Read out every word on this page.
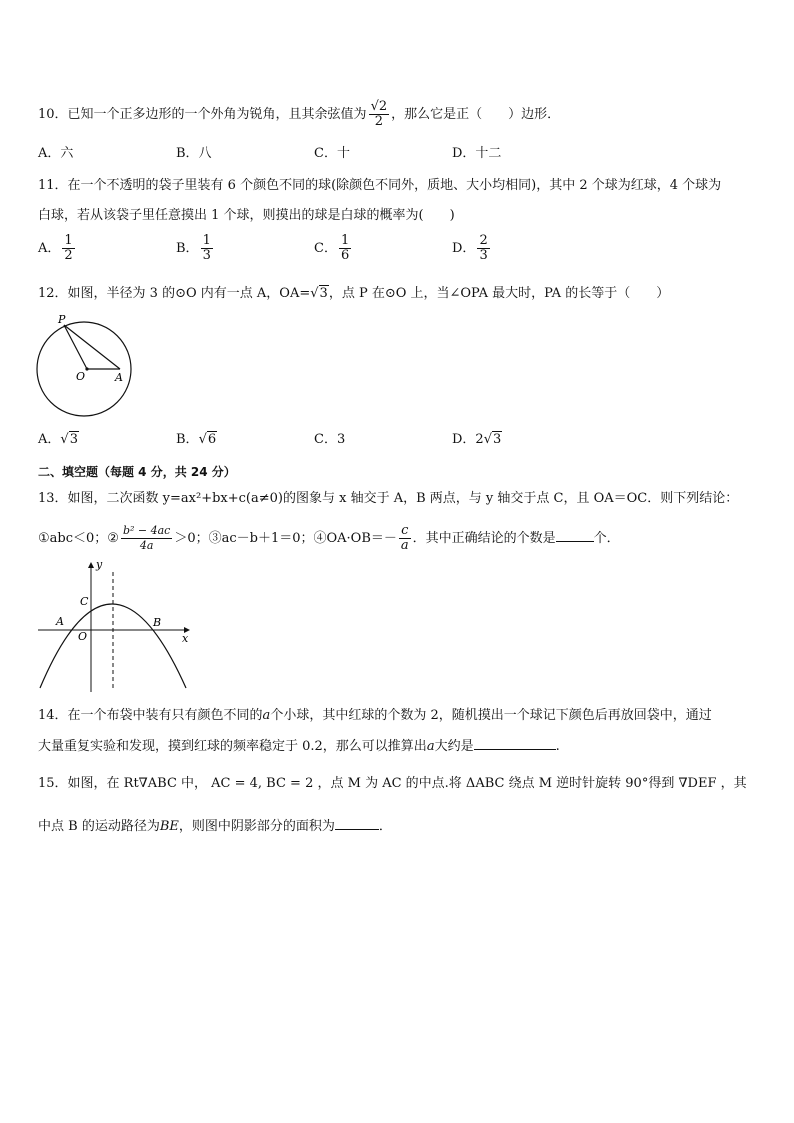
10．已知一个正多边形的一个外角为锐角，且其余弦值为 $\frac{√2}{2}$ ，那么它是正（　　）边形．
A．六	B．八	C．十	D．十二
11．在一个不透明的袋子里装有 6 个颜色不同的球(除颜色不同外，质地、大小均相同)，其中 2 个球为红球，4 个球为
白球，若从该袋子里任意摸出 1 个球，则摸出的球是白球的概率为(　　)
A． $\frac{1}{2}$	B． $\frac{1}{3}$	C． $\frac{1}{6}$	D． $\frac{2}{3}$
12．如图，半径为 3 的⊙O 内有一点 A，OA=√3，点 P 在⊙O 上，当∠OPA 最大时，PA 的长等于（　　）
P
O	A
A．√3	B．√6	C．3	D．2√3
二、填空题（每题 4 分，共 24 分）
13．如图，二次函数 y=ax²+bx+c(a≠0)的图象与 x 轴交于 A，B 两点，与 y 轴交于点 C，且 OA＝OC．则下列结论：
①abc＜0；② $\frac{\text{b² − 4ac}}{4a} >0$；③ac－b＋1＝0；④OA·OB＝－ $\frac{c}{a}$ ．其中正确结论的个数是	个．
y
x
C
A
O
B
14．在一个布袋中装有只有颜色不同的a个小球，其中红球的个数为 2，随机摸出一个球记下颜色后再放回袋中，通过
大量重复实验和发现，摸到红球的频率稳定于 0.2，那么可以推算出a大约是	.
15．如图，在 Rt∇ABC 中， AC = 4, BC = 2 ，点 M 为 AC 的中点.将 ΔABC 绕点 M 逆时针旋转 90°得到 ∇DEF ，其
中点 B 的运动路径为BE，则图中阴影部分的面积为	．
